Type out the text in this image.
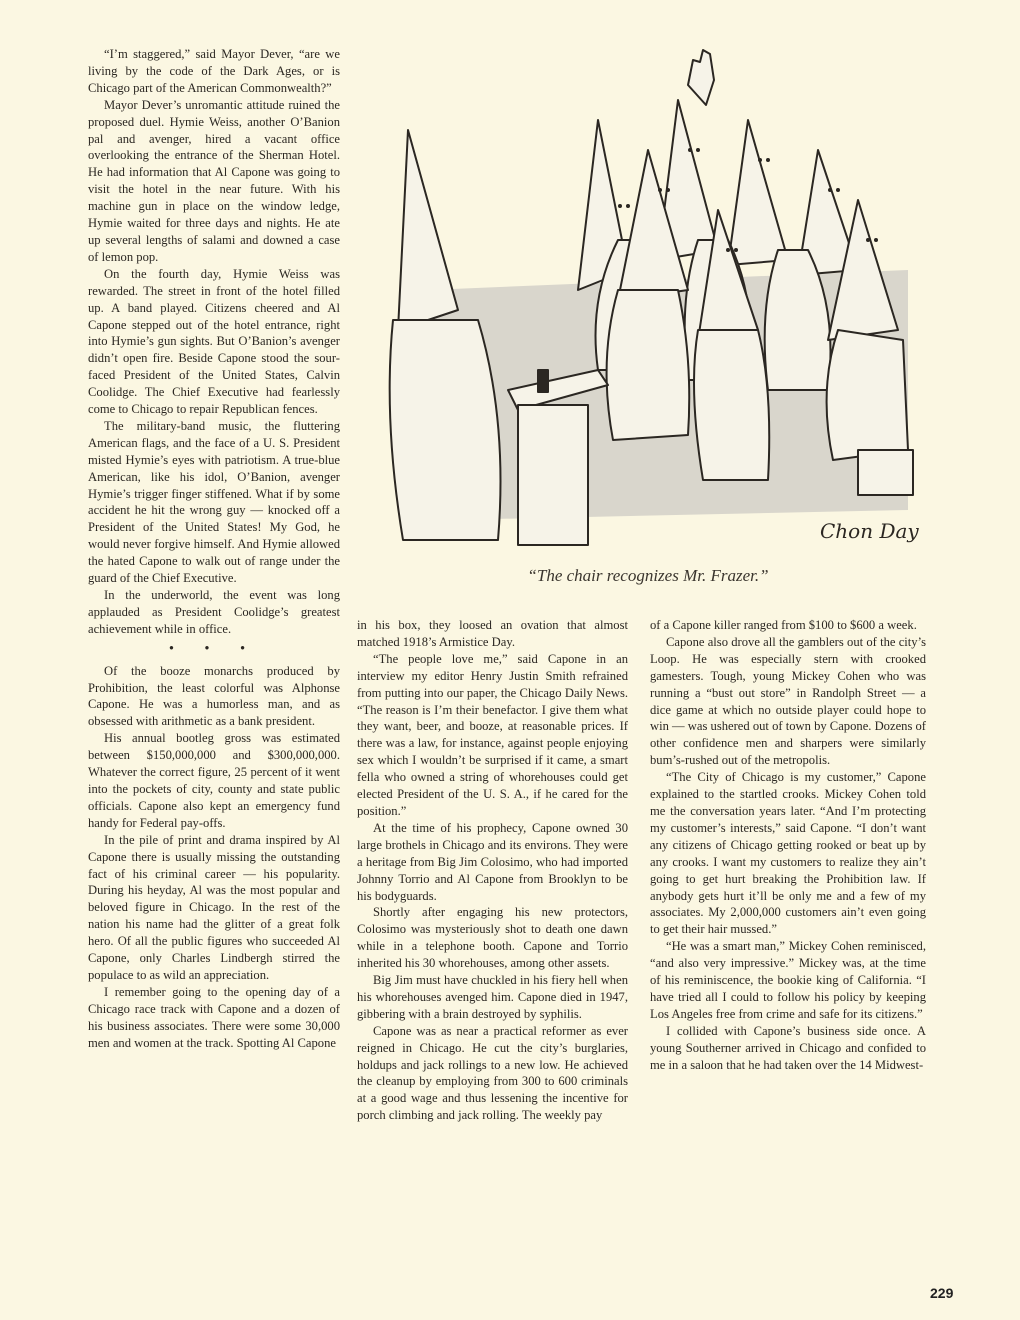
“I’m staggered,” said Mayor Dever, “are we living by the code of the Dark Ages, or is Chicago part of the American Commonwealth?”

Mayor Dever’s unromantic attitude ruined the proposed duel. Hymie Weiss, another O’Banion pal and avenger, hired a vacant office overlooking the entrance of the Sherman Hotel. He had information that Al Capone was going to visit the hotel in the near future. With his machine gun in place on the window ledge, Hymie waited for three days and nights. He ate up several lengths of salami and downed a case of lemon pop.

On the fourth day, Hymie Weiss was rewarded. The street in front of the hotel filled up. A band played. Citizens cheered and Al Capone stepped out of the hotel entrance, right into Hymie’s gun sights. But O’Banion’s avenger didn’t open fire. Beside Capone stood the sour-faced President of the United States, Calvin Coolidge. The Chief Executive had fearlessly come to Chicago to repair Republican fences.

The military-band music, the fluttering American flags, and the face of a U. S. President misted Hymie’s eyes with patriotism. A true-blue American, like his idol, O’Banion, avenger Hymie’s trigger finger stiffened. What if by some accident he hit the wrong guy — knocked off a President of the United States! My God, he would never forgive himself. And Hymie allowed the hated Capone to walk out of range under the guard of the Chief Executive.

In the underworld, the event was long applauded as President Coolidge’s greatest achievement while in office.

• • •

Of the booze monarchs produced by Prohibition, the least colorful was Alphonse Capone. He was a humorless man, and as obsessed with arithmetic as a bank president.

His annual bootleg gross was estimated between $150,000,000 and $300,000,000. Whatever the correct figure, 25 percent of it went into the pockets of city, county and state public officials. Capone also kept an emergency fund handy for Federal pay-offs.

In the pile of print and drama inspired by Al Capone there is usually missing the outstanding fact of his criminal career — his popularity. During his heyday, Al was the most popular and beloved figure in Chicago. In the rest of the nation his name had the glitter of a great folk hero. Of all the public figures who succeeded Al Capone, only Charles Lindbergh stirred the populace to as wild an appreciation.

I remember going to the opening day of a Chicago race track with Capone and a dozen of his business associates. There were some 30,000 men and women at the track. Spotting Al Capone

Chon Day
“The chair recognizes Mr. Frazer.”

in his box, they loosed an ovation that almost matched 1918’s Armistice Day.

“The people love me,” said Capone in an interview my editor Henry Justin Smith refrained from putting into our paper, the Chicago Daily News. “The reason is I’m their benefactor. I give them what they want, beer, and booze, at reasonable prices. If there was a law, for instance, against people enjoying sex which I wouldn’t be surprised if it came, a smart fella who owned a string of whorehouses could get elected President of the U. S. A., if he cared for the position.”

At the time of his prophecy, Capone owned 30 large brothels in Chicago and its environs. They were a heritage from Big Jim Colosimo, who had imported Johnny Torrio and Al Capone from Brooklyn to be his bodyguards.

Shortly after engaging his new protectors, Colosimo was mysteriously shot to death one dawn while in a telephone booth. Capone and Torrio inherited his 30 whorehouses, among other assets.

Big Jim must have chuckled in his fiery hell when his whorehouses avenged him. Capone died in 1947, gibbering with a brain destroyed by syphilis.

Capone was as near a practical reformer as ever reigned in Chicago. He cut the city’s burglaries, holdups and jack rollings to a new low. He achieved the cleanup by employing from 300 to 600 criminals at a good wage and thus lessening the incentive for porch climbing and jack rolling. The weekly pay

of a Capone killer ranged from $100 to $600 a week.

Capone also drove all the gamblers out of the city’s Loop. He was especially stern with crooked gamesters. Tough, young Mickey Cohen who was running a “bust out store” in Randolph Street — a dice game at which no outside player could hope to win — was ushered out of town by Capone. Dozens of other confidence men and sharpers were similarly bum’s-rushed out of the metropolis.

“The City of Chicago is my customer,” Capone explained to the startled crooks. Mickey Cohen told me the conversation years later. “And I’m protecting my customer’s interests,” said Capone. “I don’t want any citizens of Chicago getting rooked or beat up by any crooks. I want my customers to realize they ain’t going to get hurt breaking the Prohibition law. If anybody gets hurt it’ll be only me and a few of my associates. My 2,000,000 customers ain’t even going to get their hair mussed.”

“He was a smart man,” Mickey Cohen reminisced, “and also very impressive.” Mickey was, at the time of his reminiscence, the bookie king of California. “I have tried all I could to follow his policy by keeping Los Angeles free from crime and safe for its citizens.”

I collided with Capone’s business side once. A young Southerner arrived in Chicago and confided to me in a saloon that he had taken over the 14 Midwest-

229
